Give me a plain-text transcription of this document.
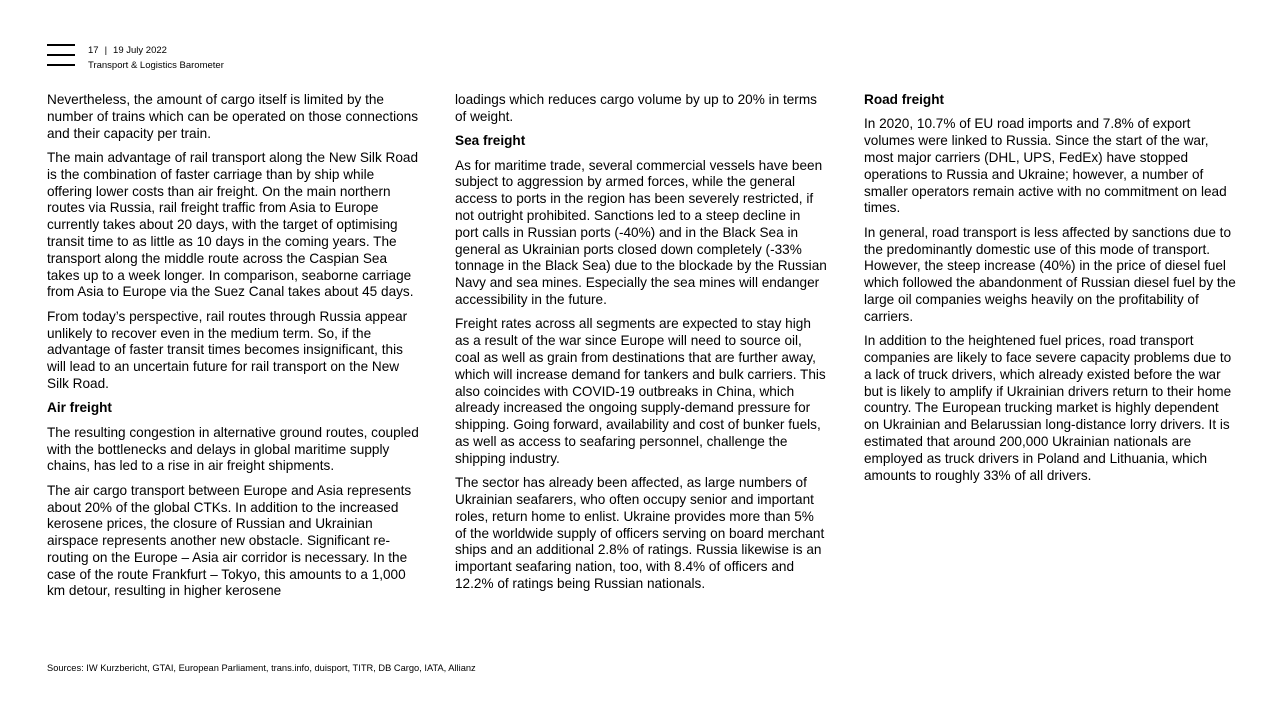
17 | 19 July 2022
Transport & Logistics Barometer

Nevertheless, the amount of cargo itself is limited by the number of trains which can be operated on those connections and their capacity per train.

The main advantage of rail transport along the New Silk Road is the combination of faster carriage than by ship while offering lower costs than air freight. On the main northern routes via Russia, rail freight traffic from Asia to Europe currently takes about 20 days, with the target of optimising transit time to as little as 10 days in the coming years. The transport along the middle route across the Caspian Sea takes up to a week longer. In comparison, seaborne carriage from Asia to Europe via the Suez Canal takes about 45 days.

From today’s perspective, rail routes through Russia appear unlikely to recover even in the medium term. So, if the advantage of faster transit times becomes insignificant, this will lead to an uncertain future for rail transport on the New Silk Road.

Air freight

The resulting congestion in alternative ground routes, coupled with the bottlenecks and delays in global maritime supply chains, has led to a rise in air freight shipments.

The air cargo transport between Europe and Asia represents about 20% of the global CTKs. In addition to the increased kerosene prices, the closure of Russian and Ukrainian airspace represents another new obstacle. Significant re-routing on the Europe – Asia air corridor is necessary. In the case of the route Frankfurt – Tokyo, this amounts to a 1,000 km detour, resulting in higher kerosene

loadings which reduces cargo volume by up to 20% in terms of weight.

Sea freight

As for maritime trade, several commercial vessels have been subject to aggression by armed forces, while the general access to ports in the region has been severely restricted, if not outright prohibited. Sanctions led to a steep decline in port calls in Russian ports (-40%) and in the Black Sea in general as Ukrainian ports closed down completely (-33% tonnage in the Black Sea) due to the blockade by the Russian Navy and sea mines. Especially the sea mines will endanger accessibility in the future.

Freight rates across all segments are expected to stay high as a result of the war since Europe will need to source oil, coal as well as grain from destinations that are further away, which will increase demand for tankers and bulk carriers. This also coincides with COVID-19 outbreaks in China, which already increased the ongoing supply-demand pressure for shipping. Going forward, availability and cost of bunker fuels, as well as access to seafaring personnel, challenge the shipping industry.

The sector has already been affected, as large numbers of Ukrainian seafarers, who often occupy senior and important roles, return home to enlist. Ukraine provides more than 5% of the worldwide supply of officers serving on board merchant ships and an additional 2.8% of ratings. Russia likewise is an important seafaring nation, too, with 8.4% of officers and 12.2% of ratings being Russian nationals.

Road freight

In 2020, 10.7% of EU road imports and 7.8% of export volumes were linked to Russia. Since the start of the war, most major carriers (DHL, UPS, FedEx) have stopped operations to Russia and Ukraine; however, a number of smaller operators remain active with no commitment on lead times.

In general, road transport is less affected by sanctions due to the predominantly domestic use of this mode of transport. However, the steep increase (40%) in the price of diesel fuel which followed the abandonment of Russian diesel fuel by the large oil companies weighs heavily on the profitability of carriers.

In addition to the heightened fuel prices, road transport companies are likely to face severe capacity problems due to a lack of truck drivers, which already existed before the war but is likely to amplify if Ukrainian drivers return to their home country. The European trucking market is highly dependent on Ukrainian and Belarussian long-distance lorry drivers. It is estimated that around 200,000 Ukrainian nationals are employed as truck drivers in Poland and Lithuania, which amounts to roughly 33% of all drivers.

Sources: IW Kurzbericht, GTAI, European Parliament, trans.info, duisport, TITR, DB Cargo, IATA, Allianz
